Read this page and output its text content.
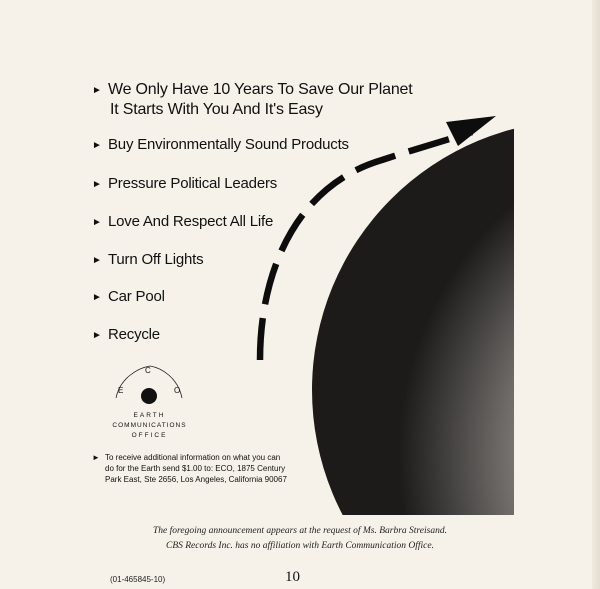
► We Only Have 10 Years To Save Our Planet
It Starts With You And It's Easy
► Buy Environmentally Sound Products
► Pressure Political Leaders
► Love And Respect All Life
► Turn Off Lights
► Car Pool
► Recycle
E
C
O
EARTH
COMMUNICATIONS
OFFICE
► To receive additional information on what you can
do for the Earth send $1.00 to: ECO, 1875 Century
Park East, Ste 2656, Los Angeles, California 90067
The foregoing announcement appears at the request of Ms. Barbra Streisand.
CBS Records Inc. has no affiliation with Earth Communication Office.
(01-465845-10)	10
